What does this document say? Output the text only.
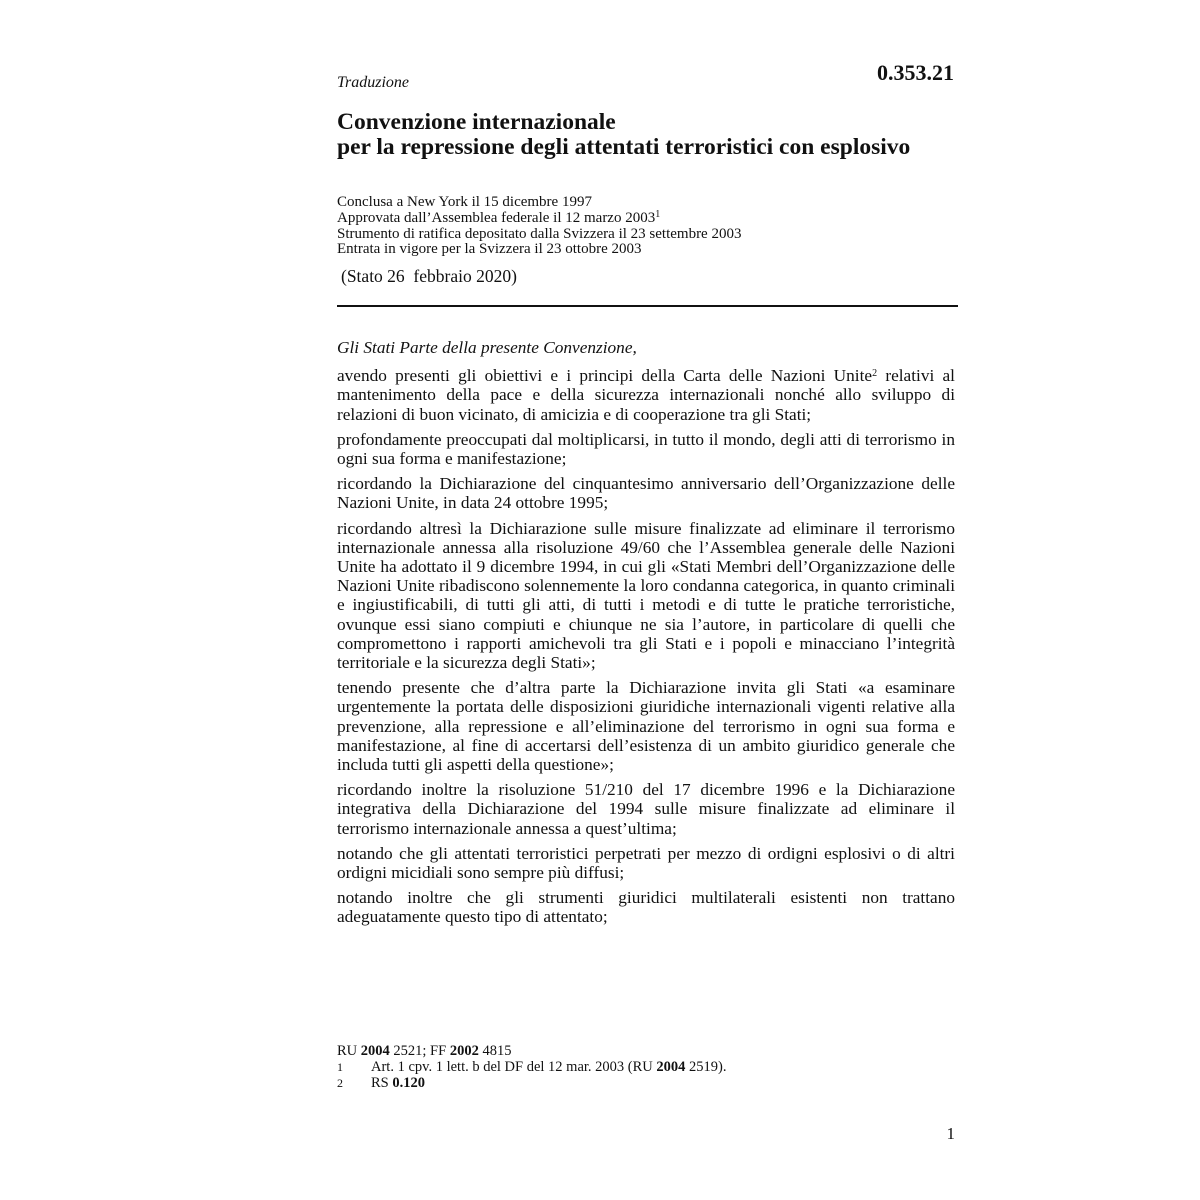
Traduzione	0.353.21
Convenzione internazionale
per la repressione degli attentati terroristici con esplosivo
Conclusa a New York il 15 dicembre 1997
Approvata dall’Assemblea federale il 12 marzo 2003$^1$
Strumento di ratifica depositato dalla Svizzera il 23 settembre 2003
Entrata in vigore per la Svizzera il 23 ottobre 2003
(Stato 26  febbraio 2020)

Gli Stati Parte della presente Convenzione,

avendo presenti gli obiettivi e i principi della Carta delle Nazioni Unite$^2$ relativi al mantenimento della pace e della sicurezza internazionali nonché allo sviluppo di relazioni di buon vicinato, di amicizia e di cooperazione tra gli Stati;

profondamente preoccupati dal moltiplicarsi, in tutto il mondo, degli atti di terrorismo in ogni sua forma e manifestazione;

ricordando la Dichiarazione del cinquantesimo anniversario dell’Organizzazione delle Nazioni Unite, in data 24 ottobre 1995;

ricordando altresì la Dichiarazione sulle misure finalizzate ad eliminare il terrorismo internazionale annessa alla risoluzione 49/60 che l’Assemblea generale delle Nazioni Unite ha adottato il 9 dicembre 1994, in cui gli «Stati Membri dell’Organizzazione delle Nazioni Unite ribadiscono solennemente la loro condanna categorica, in quanto criminali e ingiustificabili, di tutti gli atti, di tutti i metodi e di tutte le pratiche terroristiche, ovunque essi siano compiuti e chiunque ne sia l’autore, in particolare di quelli che compromettono i rapporti amichevoli tra gli Stati e i popoli e minacciano l’integrità territoriale e la sicurezza degli Stati»;

tenendo presente che d’altra parte la Dichiarazione invita gli Stati «a esaminare urgentemente la portata delle disposizioni giuridiche internazionali vigenti relative alla prevenzione, alla repressione e all’eliminazione del terrorismo in ogni sua forma e manifestazione, al fine di accertarsi dell’esistenza di un ambito giuridico generale che includa tutti gli aspetti della questione»;

ricordando inoltre la risoluzione 51/210 del 17 dicembre 1996 e la Dichiarazione integrativa della Dichiarazione del 1994 sulle misure finalizzate ad eliminare il terrorismo internazionale annessa a quest’ultima;

notando che gli attentati terroristici perpetrati per mezzo di ordigni esplosivi o di altri ordigni micidiali sono sempre più diffusi;

notando inoltre che gli strumenti giuridici multilaterali esistenti non trattano adeguatamente questo tipo di attentato;

RU 2004 2521; FF 2002 4815
1	Art. 1 cpv. 1 lett. b del DF del 12 mar. 2003 (RU 2004 2519).
2	RS 0.120
1
